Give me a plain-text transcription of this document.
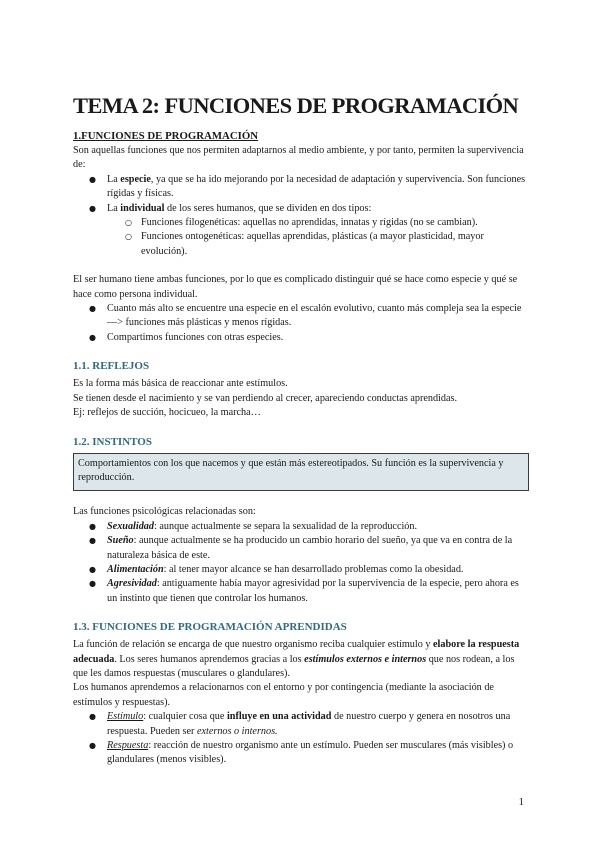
TEMA 2: FUNCIONES DE PROGRAMACIÓN
1.FUNCIONES DE PROGRAMACIÓN

Son aquellas funciones que nos permiten adaptarnos al medio ambiente, y por tanto, permiten la supervivencia de:

● La especie, ya que se ha ido mejorando por la necesidad de adaptación y supervivencia. Son funciones rígidas y físicas.
● La individual de los seres humanos, que se dividen en dos tipos:
○ Funciones filogenéticas: aquellas no aprendidas, innatas y rígidas (no se cambian).
○ Funciones ontogenéticas: aquellas aprendidas, plásticas (a mayor plasticidad, mayor evolución).

El ser humano tiene ambas funciones, por lo que es complicado distinguir qué se hace como especie y qué se hace como persona individual.

● Cuanto más alto se encuentre una especie en el escalón evolutivo, cuanto más compleja sea la especie —> funciones más plásticas y menos rígidas.
● Compartimos funciones con otras especies.
1.1. REFLEJOS

Es la forma más básica de reaccionar ante estímulos.

Se tienen desde el nacimiento y se van perdiendo al crecer, apareciendo conductas aprendidas.

Ej: reflejos de succión, hocicueo, la marcha…

1.2. INSTINTOS
Comportamientos con los que nacemos y que están más estereotipados. Su función es la supervivencia y reproducción.

Las funciones psicológicas relacionadas son:

● Sexualidad: aunque actualmente se separa la sexualidad de la reproducción.
● Sueño: aunque actualmente se ha producido un cambio horario del sueño, ya que va en contra de la naturaleza básica de este.
● Alimentación: al tener mayor alcance se han desarrollado problemas como la obesidad.
● Agresividad: antiguamente había mayor agresividad por la supervivencia de la especie, pero ahora es un instinto que tienen que controlar los humanos.
1.3. FUNCIONES DE PROGRAMACIÓN APRENDIDAS

La función de relación se encarga de que nuestro organismo reciba cualquier estímulo y elabore la respuesta adecuada. Los seres humanos aprendemos gracias a los estímulos externos e internos que nos rodean, a los que les damos respuestas (musculares o glandulares).

Los humanos aprendemos a relacionarnos con el entorno y por contingencia (mediante la asociación de estímulos y respuestas).

● Estímulo: cualquier cosa que influye en una actividad de nuestro cuerpo y genera en nosotros una respuesta. Pueden ser externos o internos.
● Respuesta: reacción de nuestro organismo ante un estímulo. Pueden ser musculares (más visibles) o glandulares (menos visibles).
1
